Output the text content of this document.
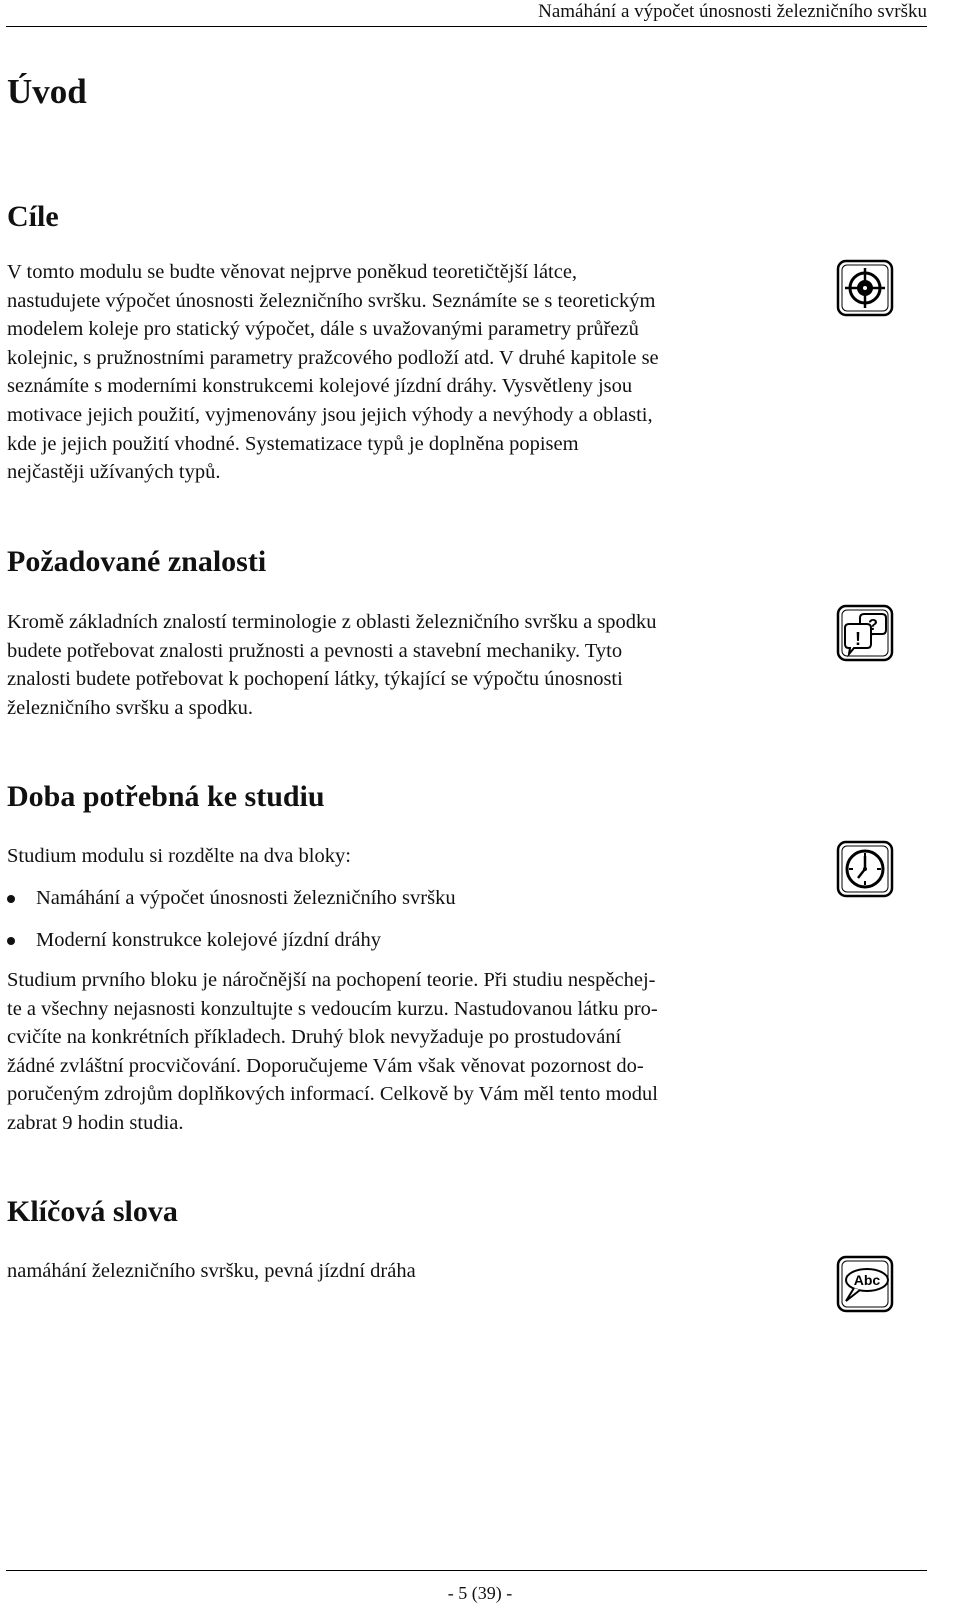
Namáhání a výpočet únosnosti železničního svršku
Úvod
Cíle

V tomto modulu se budte věnovat nejprve poněkud teoretičtější látce,
nastudujete výpočet únosnosti železničního svršku. Seznámíte se s teoretickým
modelem koleje pro statický výpočet, dále s uvažovanými parametry průřezů
kolejnic, s pružnostními parametry pražcového podloží atd. V druhé kapitole se
seznámíte s moderními konstrukcemi kolejové jízdní dráhy. Vysvětleny jsou
motivace jejich použití, vyjmenovány jsou jejich výhody a nevýhody a oblasti,
kde je jejich použití vhodné. Systematizace typů je doplněna popisem
nejčastěji užívaných typů.

Požadované znalosti

Kromě základních znalostí terminologie z oblasti železničního svršku a spodku
budete potřebovat znalosti pružnosti a pevnosti a stavební mechaniky. Tyto
znalosti budete potřebovat k pochopení látky, týkající se výpočtu únosnosti
železničního svršku a spodku.

?
!
Doba potřebná ke studiu

Studium modulu si rozdělte na dva bloky:

Namáhání a výpočet únosnosti železničního svršku
Moderní konstrukce kolejové jízdní dráhy

Studium prvního bloku je náročnější na pochopení teorie. Při studiu nespěchej-
te a všechny nejasnosti konzultujte s vedoucím kurzu. Nastudovanou látku pro-
cvičíte na konkrétních příkladech. Druhý blok nevyžaduje po prostudování
žádné zvláštní procvičování. Doporučujeme Vám však věnovat pozornost do-
poručeným zdrojům doplňkových informací. Celkově by Vám měl tento modul
zabrat 9 hodin studia.

Klíčová slova

namáhání železničního svršku, pevná jízdní dráha	Abc
- 5 (39) -
